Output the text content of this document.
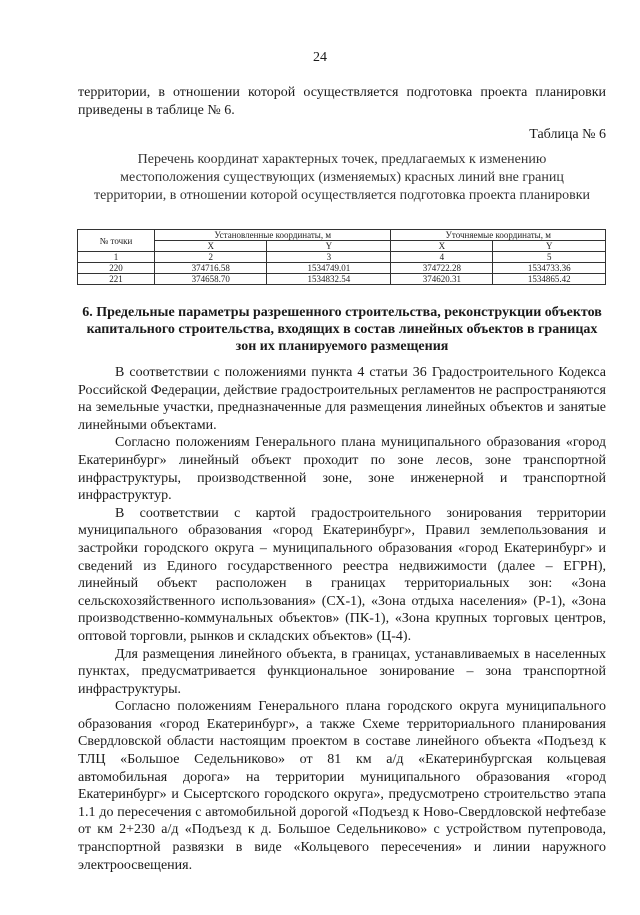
24
территории, в отношении которой осуществляется подготовка проекта планировки приведены в таблице № 6.
Таблица № 6
Перечень координат характерных точек, предлагаемых к изменению местоположения существующих (изменяемых) красных линий вне границ территории, в отношении которой осуществляется подготовка проекта планировки
№ точки	Установленные координаты, м		Уточняемые координаты, м	
	X	Y	X	Y
1	2	3	4	5
220	374716.58	1534749.01	374722.28	1534733.36
221	374658.70	1534832.54	374620.31	1534865.42
6. Предельные параметры разрешенного строительства, реконструкции объектов капитального строительства, входящих в состав линейных объектов в границах зон их планируемого размещения

В соответствии с положениями пункта 4 статьи 36 Градостроительного Кодекса Российской Федерации, действие градостроительных регламентов не распространяются на земельные участки, предназначенные для размещения линейных объектов и занятые линейными объектами.

Согласно положениям Генерального плана муниципального образования «город Екатеринбург» линейный объект проходит по зоне лесов, зоне транспортной инфраструктуры, производственной зоне, зоне инженерной и транспортной инфраструктур.

В соответствии с картой градостроительного зонирования территории муниципального образования «город Екатеринбург», Правил землепользования и застройки городского округа – муниципального образования «город Екатеринбург» и сведений из Единого государственного реестра недвижимости (далее – ЕГРН), линейный объект расположен в границах территориальных зон: «Зона сельскохозяйственного использования» (СХ-1), «Зона отдыха населения» (Р-1), «Зона производственно-коммунальных объектов» (ПК-1), «Зона крупных торговых центров, оптовой торговли, рынков и складских объектов» (Ц-4).

Для размещения линейного объекта, в границах, устанавливаемых в населенных пунктах, предусматривается функциональное зонирование – зона транспортной инфраструктуры.

Согласно положениям Генерального плана городского округа муниципального образования «город Екатеринбург», а также Схеме территориального планирования Свердловской области настоящим проектом в составе линейного объекта «Подъезд к ТЛЦ «Большое Седельниково» от 81 км а/д «Екатеринбургская кольцевая автомобильная дорога» на территории муниципального образования «город Екатеринбург» и Сысертского городского округа», предусмотрено строительство этапа 1.1 до пересечения с автомобильной дорогой «Подъезд к Ново-Свердловской нефтебазе от км 2+230 а/д «Подъезд к д. Большое Седельниково» с устройством путепровода, транспортной развязки в виде «Кольцевого пересечения» и линии наружного электроосвещения.
